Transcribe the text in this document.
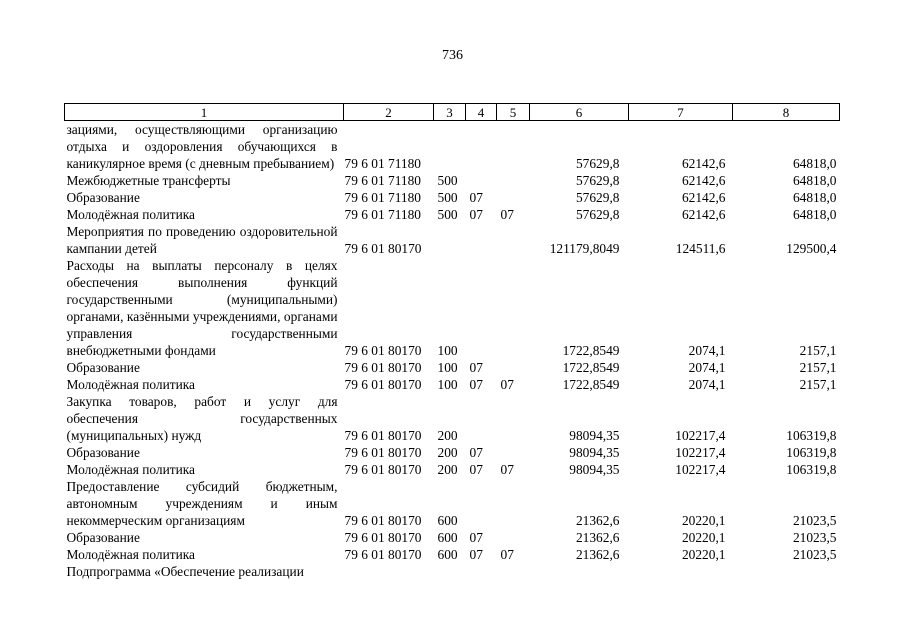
736
1	2	3	4	5	6	7	8
зациями, осуществляющими организацию отдыха и оздоровления обучающихся в каникулярное время (с дневным пребыванием)	79 6 01 71180				57629,8	62142,6	64818,0
Межбюджетные трансферты	79 6 01 71180	500			57629,8	62142,6	64818,0
Образование	79 6 01 71180	500	07		57629,8	62142,6	64818,0
Молодёжная политика	79 6 01 71180	500	07	07	57629,8	62142,6	64818,0
Мероприятия по проведению оздоровительной кампании детей	79 6 01 80170				121179,8049	124511,6	129500,4
Расходы на выплаты персоналу в целях обеспечения выполнения функций государственными (муниципальными) органами, казёнными учреждениями, органами управления государственными внебюджетными фондами	79 6 01 80170	100			1722,8549	2074,1	2157,1
Образование	79 6 01 80170	100	07		1722,8549	2074,1	2157,1
Молодёжная политика	79 6 01 80170	100	07	07	1722,8549	2074,1	2157,1
Закупка товаров, работ и услуг для обеспечения государственных (муниципальных) нужд	79 6 01 80170	200			98094,35	102217,4	106319,8
Образование	79 6 01 80170	200	07		98094,35	102217,4	106319,8
Молодёжная политика	79 6 01 80170	200	07	07	98094,35	102217,4	106319,8
Предоставление субсидий бюджетным, автономным учреждениям и иным некоммерческим организациям	79 6 01 80170	600			21362,6	20220,1	21023,5
Образование	79 6 01 80170	600	07		21362,6	20220,1	21023,5
Молодёжная политика	79 6 01 80170	600	07	07	21362,6	20220,1	21023,5
Подпрограмма «Обеспечение реализации							
